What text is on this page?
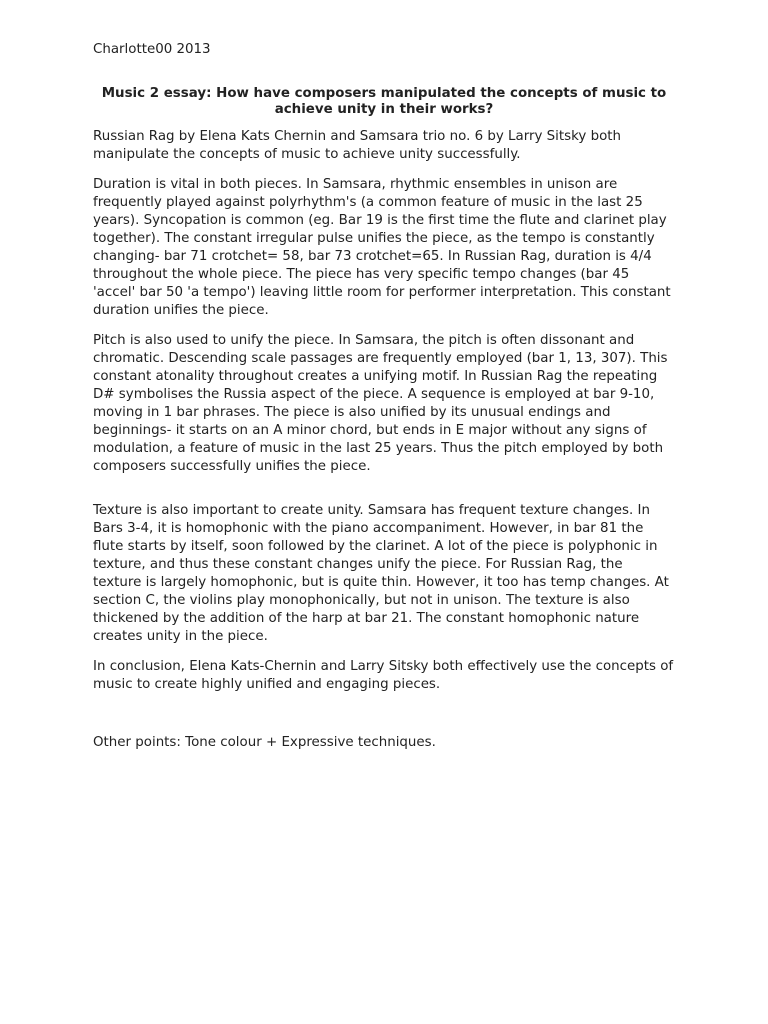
Charlotte00 2013
Music 2 essay: How have composers manipulated the concepts of music to achieve unity in their works?
Russian Rag by Elena Kats Chernin and Samsara trio no. 6 by Larry Sitsky both manipulate the concepts of music to achieve unity successfully.
Duration is vital in both pieces. In Samsara, rhythmic ensembles in unison are frequently played against polyrhythm's (a common feature of music in the last 25 years). Syncopation is common (eg. Bar 19 is the first time the flute and clarinet play together). The constant irregular pulse unifies the piece, as the tempo is constantly changing- bar 71 crotchet= 58, bar 73 crotchet=65. In Russian Rag, duration is 4/4 throughout the whole piece. The piece has very specific tempo changes (bar 45 'accel' bar 50 'a tempo') leaving little room for performer interpretation. This constant duration unifies the piece.
Pitch is also used to unify the piece. In Samsara, the pitch is often dissonant and chromatic. Descending scale passages are frequently employed (bar 1, 13, 307). This constant atonality throughout creates a unifying motif. In Russian Rag the repeating D# symbolises the Russia aspect of the piece. A sequence is employed at bar 9-10, moving in 1 bar phrases. The piece is also unified by its unusual endings and beginnings- it starts on an A minor chord, but ends in E major without any signs of modulation, a feature of music in the last 25 years. Thus the pitch employed by both composers successfully unifies the piece.
Texture is also important to create unity. Samsara has frequent texture changes. In Bars 3-4, it is homophonic with the piano accompaniment. However, in bar 81 the flute starts by itself, soon followed by the clarinet. A lot of the piece is polyphonic in texture, and thus these constant changes unify the piece. For Russian Rag, the texture is largely homophonic, but is quite thin. However, it too has temp changes. At section C, the violins play monophonically, but not in unison. The texture is also thickened by the addition of the harp at bar 21. The constant homophonic nature creates unity in the piece.
In conclusion, Elena Kats-Chernin and Larry Sitsky both effectively use the concepts of music to create highly unified and engaging pieces.
Other points: Tone colour + Expressive techniques.
